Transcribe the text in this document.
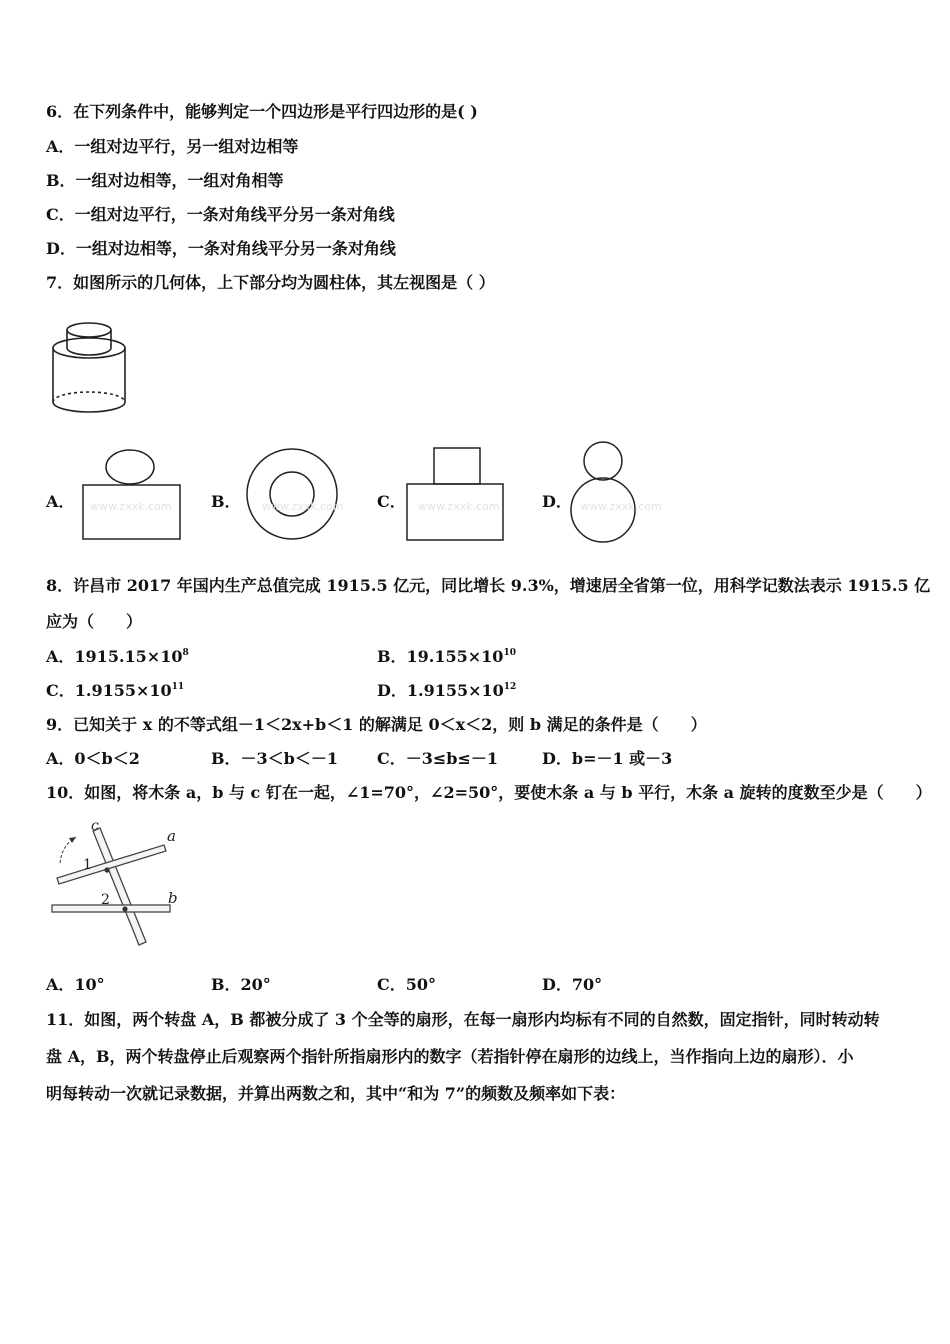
6．在下列条件中，能够判定一个四边形是平行四边形的是( )
A．一组对边平行，另一组对边相等
B．一组对边相等，一组对角相等
C．一组对边平行，一条对角线平分另一条对角线
D．一组对边相等，一条对角线平分另一条对角线
7．如图所示的几何体，上下部分均为圆柱体，其左视图是（ ）
A． www.zxxk.com B． www.zxxk.com C． www.zxxk.com	D． www.zxxk.com
8．许昌市 2017 年国内生产总值完成 1915.5 亿元，同比增长 9.3%，增速居全省第一位，用科学记数法表示 1915.5 亿
应为（　　）
A．$1915.15\times 10^8$	B．$19.155\times 10^{10}$
C．$1.9155\times 10^{11}$	D．$1.9155\times 10^{12}$
9．已知关于 x 的不等式组－1＜2x+b＜1 的解满足 0＜x＜2，则 b 满足的条件是（　　）
A．0＜b＜2	B．－3＜b＜－1 C．－3≤b≤－1	D．b=－1 或－3
10．如图，将木条 a，b 与 c 钉在一起，∠1=70°，∠2=50°，要使木条 a 与 b 平行，木条 a 旋转的度数至少是（　　）
c
a
b
1
2
A．10°	B．20°	C．50°	D．70°
11．如图，两个转盘 A，B 都被分成了 3 个全等的扇形，在每一扇形内均标有不同的自然数，固定指针，同时转动转
盘 A，B，两个转盘停止后观察两个指针所指扇形内的数字（若指针停在扇形的边线上，当作指向上边的扇形）．小
明每转动一次就记录数据，并算出两数之和，其中“和为 7”的频数及频率如下表：
